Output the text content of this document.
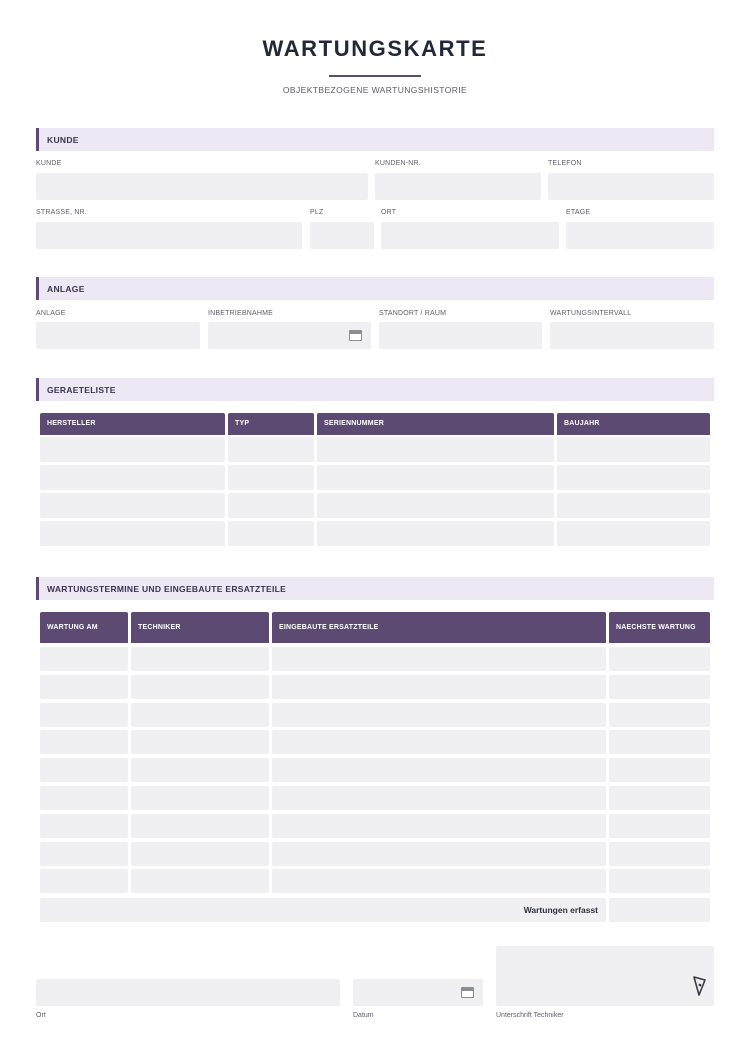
WARTUNGSKARTE
OBJEKTBEZOGENE WARTUNGSHISTORIE
KUNDE
KUNDE	KUNDEN-NR.	TELEFON
STRASSE, NR.	PLZ	ORT	ETAGE
ANLAGE
ANLAGE	INBETRIEBNAHME	STANDORT / RAUM	WARTUNGSINTERVALL
GERAETELISTE
HERSTELLER	TYP	SERIENNUMMER	BAUJAHR
WARTUNGSTERMINE UND EINGEBAUTE ERSATZTEILE
WARTUNG AM	TECHNIKER	EINGEBAUTE ERSATZTEILE	NAECHSTE WARTUNG
Wartungen erfasst
Ort	Datum	Unterschrift Techniker
